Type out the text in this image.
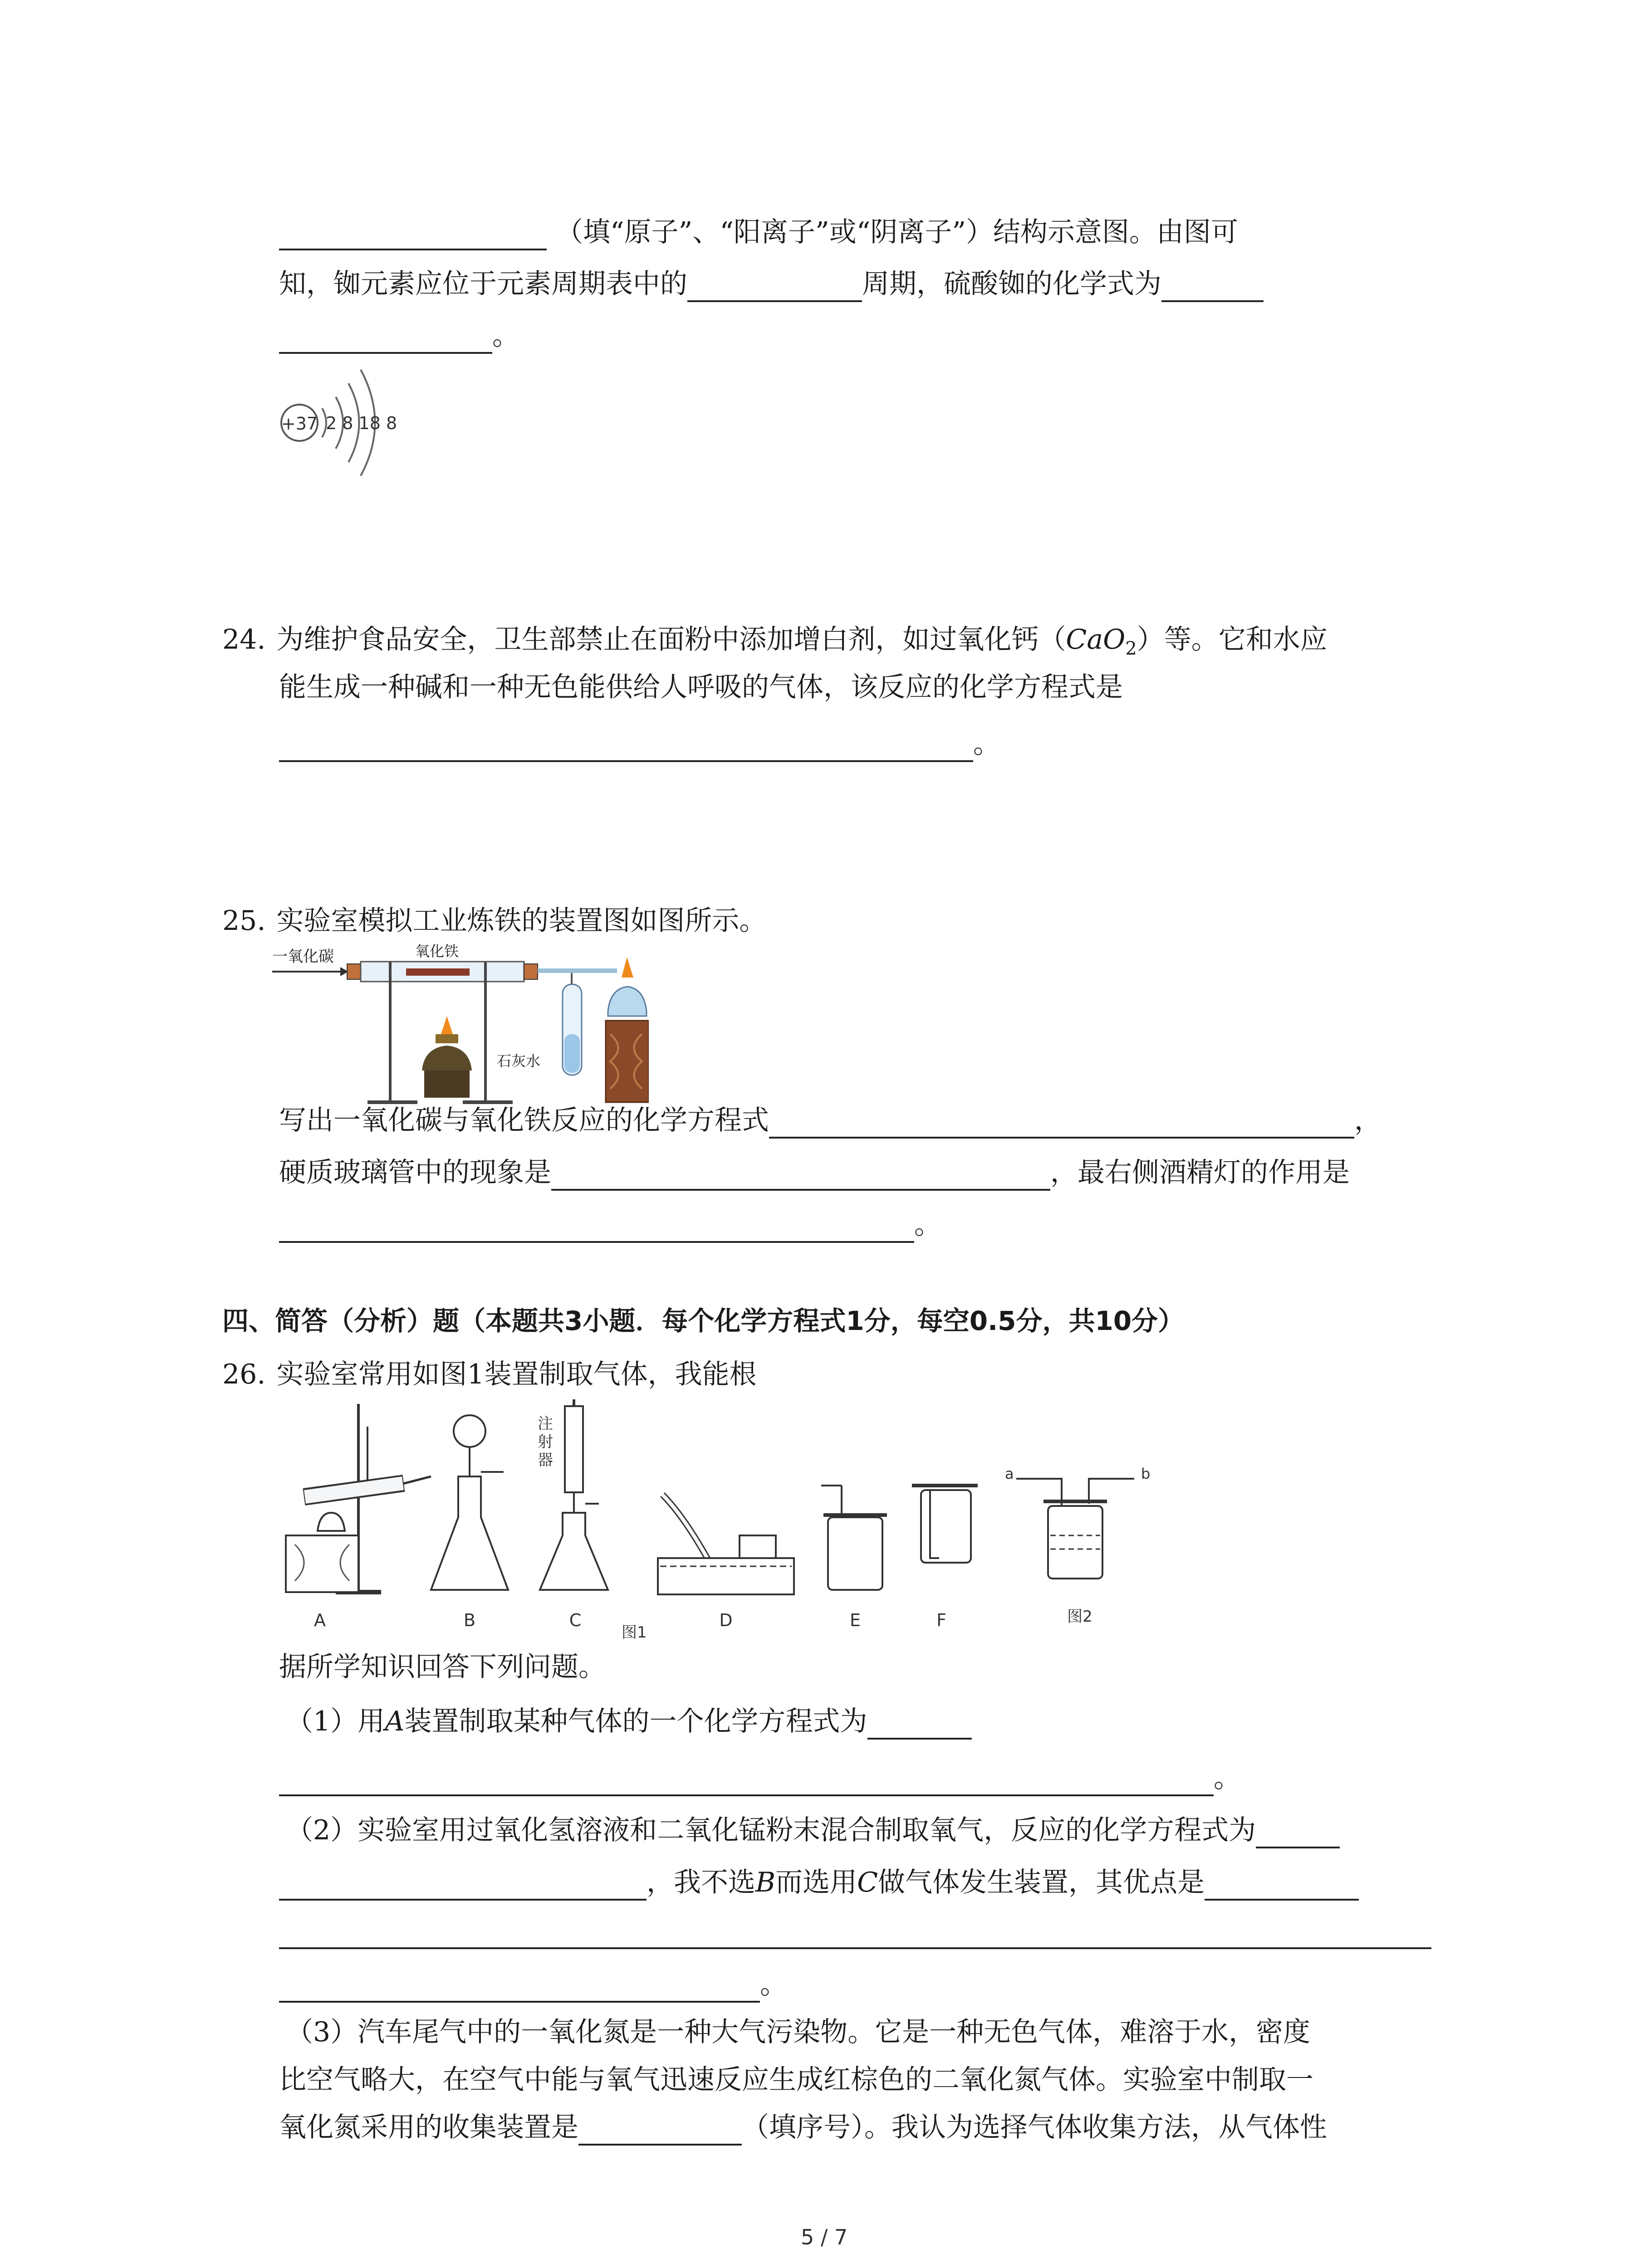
（填“原子”、“阳离子”或“阴离子”）结构示意图。由图可
知，铷元素应位于元素周期表中的	周期，硫酸铷的化学式为
。
+37 2 8 18 8
24. 为维护食品安全，卫生部禁止在面粉中添加增白剂，如过氧化钙（CaO$_2$）等。它和水应
能生成一种碱和一种无色能供给人呼吸的气体，该反应的化学方程式是
。
25. 实验室模拟工业炼铁的装置图如图所示。
一氧化碳	氧化铁
石灰水
写出一氧化碳与氧化铁反应的化学方程式	，
硬质玻璃管中的现象是	，最右侧酒精灯的作用是
。
四、简答（分析）题（本题共3小题．每个化学方程式1分，每空0.5分，共10分）
26. 实验室常用如图1装置制取气体，我能根
A	B
注
射
器
C
图1
D	E	F
a	b
图2
据所学知识回答下列问题。
（1）用A装置制取某种气体的一个化学方程式为
。
（2）实验室用过氧化氢溶液和二氧化锰粉末混合制取氧气，反应的化学方程式为
，我不选B而选用C做气体发生装置，其优点是
。
（3）汽车尾气中的一氧化氮是一种大气污染物。它是一种无色气体，难溶于水，密度
比空气略大，在空气中能与氧气迅速反应生成红棕色的二氧化氮气体。实验室中制取一
氧化氮采用的收集装置是	（填序号）。我认为选择气体收集方法，从气体性
5 / 7
